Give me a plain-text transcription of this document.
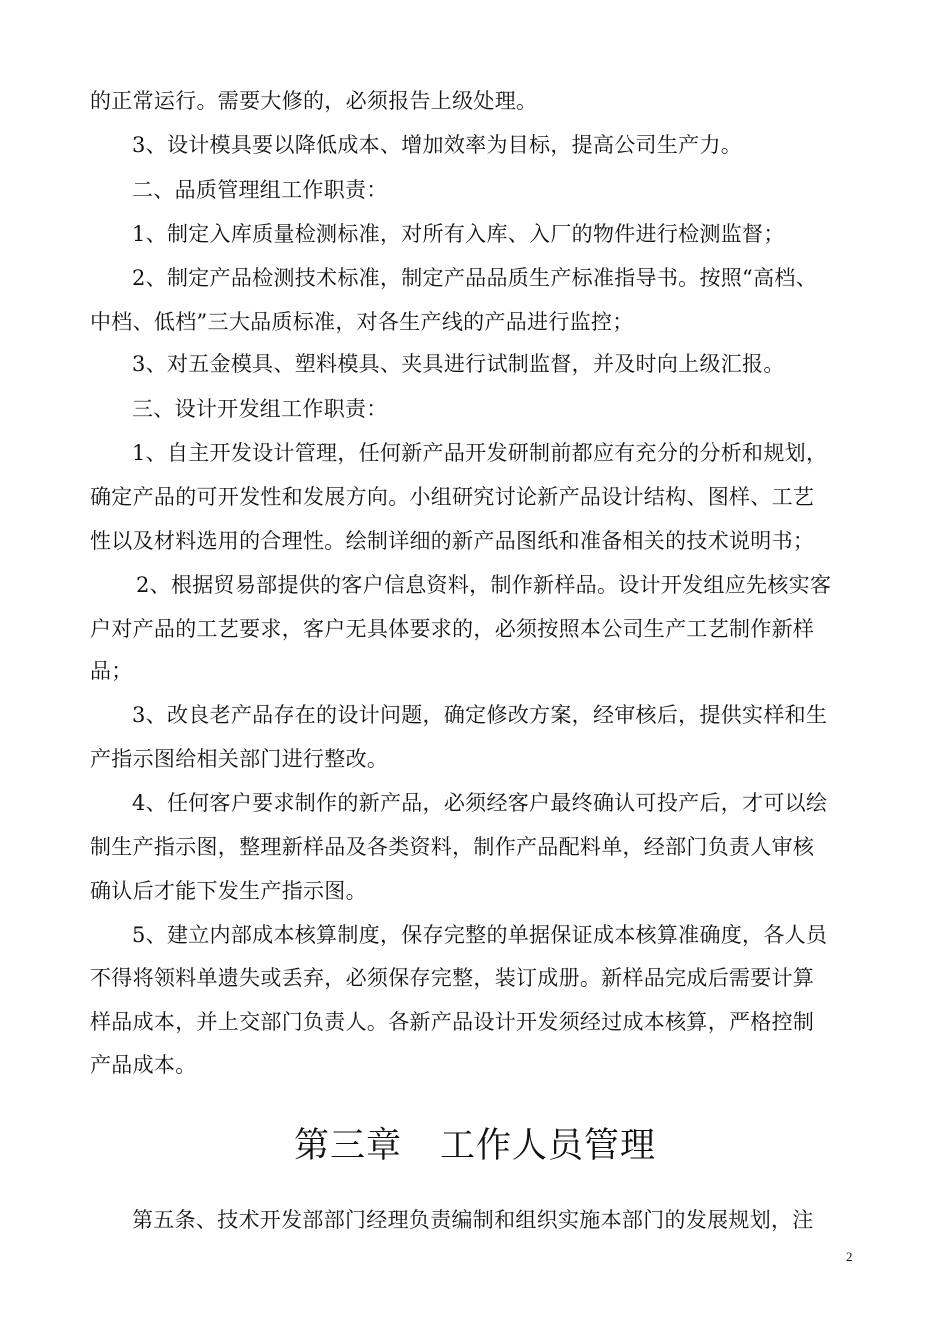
的正常运行。需要大修的，必须报告上级处理。
3、设计模具要以降低成本、增加效率为目标，提高公司生产力。
二、品质管理组工作职责：
1、制定入库质量检测标准，对所有入库、入厂的物件进行检测监督；
2、制定产品检测技术标准，制定产品品质生产标准指导书。按照“高档、
中档、低档”三大品质标准，对各生产线的产品进行监控；
3、对五金模具、塑料模具、夹具进行试制监督，并及时向上级汇报。
三、设计开发组工作职责：
1、自主开发设计管理，任何新产品开发研制前都应有充分的分析和规划，
确定产品的可开发性和发展方向。小组研究讨论新产品设计结构、图样、工艺
性以及材料选用的合理性。绘制详细的新产品图纸和准备相关的技术说明书；
2、根据贸易部提供的客户信息资料，制作新样品。设计开发组应先核实客
户对产品的工艺要求，客户无具体要求的，必须按照本公司生产工艺制作新样
品；
3、改良老产品存在的设计问题，确定修改方案，经审核后，提供实样和生
产指示图给相关部门进行整改。
4、任何客户要求制作的新产品，必须经客户最终确认可投产后，才可以绘
制生产指示图，整理新样品及各类资料，制作产品配料单，经部门负责人审核
确认后才能下发生产指示图。
5、建立内部成本核算制度，保存完整的单据保证成本核算准确度，各人员
不得将领料单遗失或丢弃，必须保存完整，装订成册。新样品完成后需要计算
样品成本，并上交部门负责人。各新产品设计开发须经过成本核算，严格控制
产品成本。
第三章 工作人员管理
第五条、技术开发部部门经理负责编制和组织实施本部门的发展规划，注
2
